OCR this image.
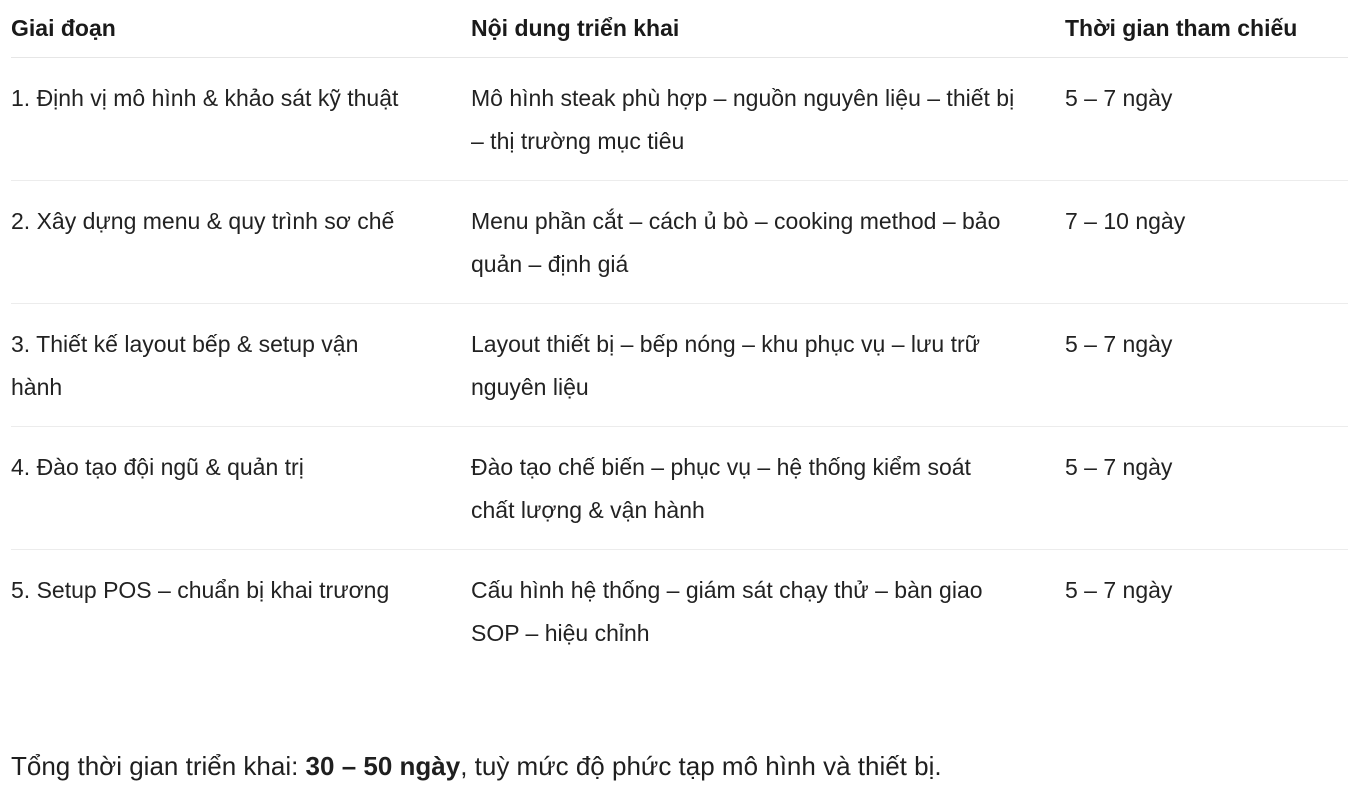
Giai đoạn	Nội dung triển khai	Thời gian tham chiếu
1. Định vị mô hình & khảo sát kỹ thuật	Mô hình steak phù hợp – nguồn nguyên liệu – thiết bị – thị trường mục tiêu	5 – 7 ngày
2. Xây dựng menu & quy trình sơ chế	Menu phần cắt – cách ủ bò – cooking method – bảo quản – định giá	7 – 10 ngày
3. Thiết kế layout bếp & setup vận hành	Layout thiết bị – bếp nóng – khu phục vụ – lưu trữ nguyên liệu	5 – 7 ngày
4. Đào tạo đội ngũ & quản trị	Đào tạo chế biến – phục vụ – hệ thống kiểm soát chất lượng & vận hành	5 – 7 ngày
5. Setup POS – chuẩn bị khai trương	Cấu hình hệ thống – giám sát chạy thử – bàn giao SOP – hiệu chỉnh	5 – 7 ngày

Tổng thời gian triển khai: 30 – 50 ngày, tuỳ mức độ phức tạp mô hình và thiết bị.
